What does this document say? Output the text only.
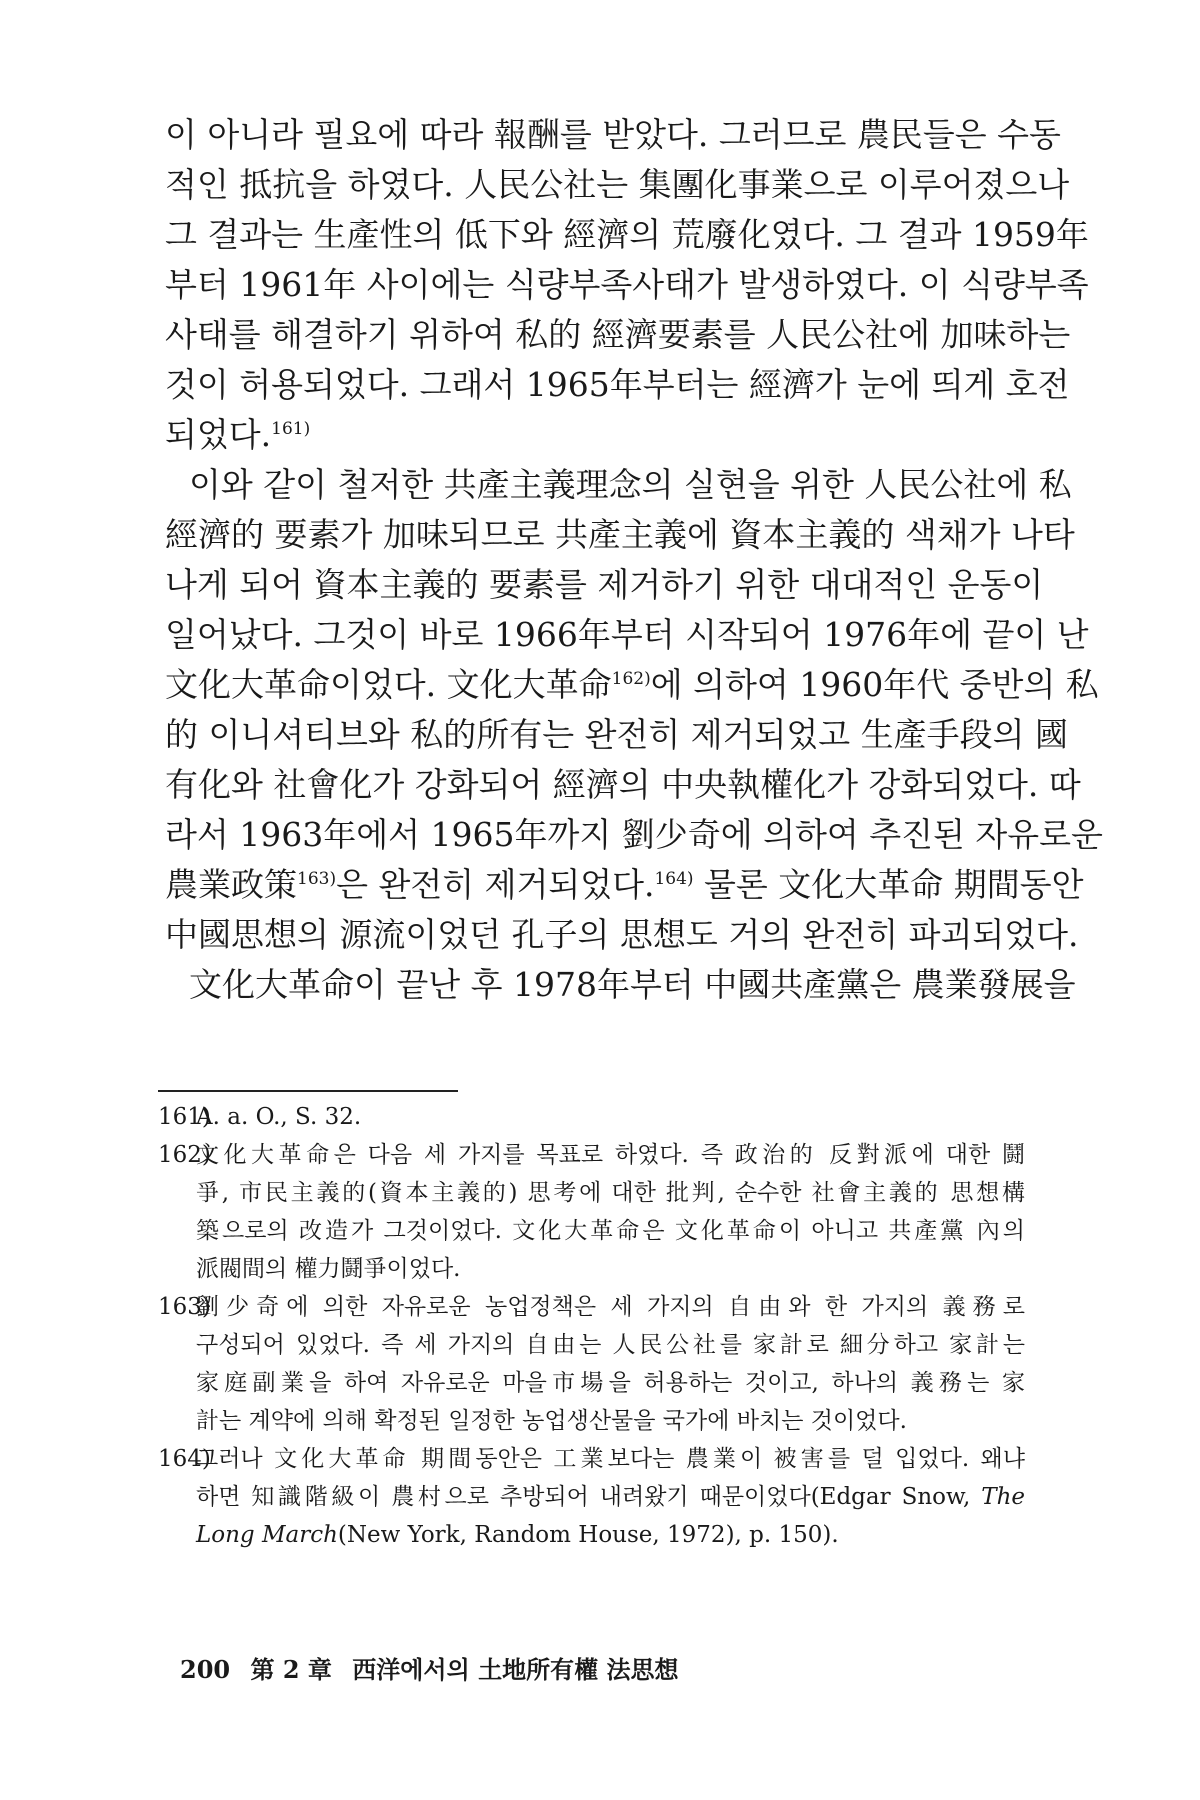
이 아니라 필요에 따라 報酬를 받았다. 그러므로 農民들은 수동
적인 抵抗을 하였다. 人民公社는 集團化事業으로 이루어졌으나
그 결과는 生產性의 低下와 經濟의 荒廢化였다. 그 결과 1959年
부터 1961年 사이에는 식량부족사태가 발생하였다. 이 식량부족
사태를 해결하기 위하여 私的 經濟要素를 人民公社에 加味하는
것이 허용되었다. 그래서 1965年부터는 經濟가 눈에 띄게 호전
되었다.$^{161)}$
이와 같이 철저한 共產主義理念의 실현을 위한 人民公社에 私
經濟的 要素가 加味되므로 共產主義에 資本主義的 색채가 나타
나게 되어 資本主義的 要素를 제거하기 위한 대대적인 운동이
일어났다. 그것이 바로 1966年부터 시작되어 1976年에 끝이 난
文化大革命이었다. 文化大革命$^{162)}$에 의하여 1960年代 중반의 私
的 이니셔티브와 私的所有는 완전히 제거되었고 生產手段의 國
有化와 社會化가 강화되어 經濟의 中央執權化가 강화되었다. 따
라서 1963年에서 1965年까지 劉少奇에 의하여 추진된 자유로운
農業政策$^{163)}$은 완전히 제거되었다.$^{164)}$ 물론 文化大革命 期間동안
中國思想의 源流이었던 孔子의 思想도 거의 완전히 파괴되었다.
文化大革命이 끝난 후 1978年부터 中國共產黨은 農業發展을
161)
A. a. O., S. 32.
162)
文化大革命은 다음 세 가지를 목표로 하였다. 즉 政治的 反對派에 대한 鬪
爭, 市民主義的(資本主義的) 思考에 대한 批判, 순수한 社會主義的 思想構
築으로의 改造가 그것이었다. 文化大革命은 文化革命이 아니고 共產黨 內의
派閥間의 權力鬪爭이었다.
163)
劉少奇에 의한 자유로운 농업정책은 세 가지의 自由와 한 가지의 義務로
구성되어 있었다. 즉 세 가지의 自由는 人民公社를 家計로 細分하고 家計는
家庭副業을 하여 자유로운 마을市場을 허용하는 것이고, 하나의 義務는 家
計는 계약에 의해 확정된 일정한 농업생산물을 국가에 바치는 것이었다.
164)
그러나 文化大革命 期間동안은 工業보다는 農業이 被害를 덜 입었다. 왜냐
하면 知識階級이 農村으로 추방되어 내려왔기 때문이었다(Edgar Snow, The
Long March(New York, Random House, 1972), p. 150).
200 第 2 章 西洋에서의 土地所有權 法思想
